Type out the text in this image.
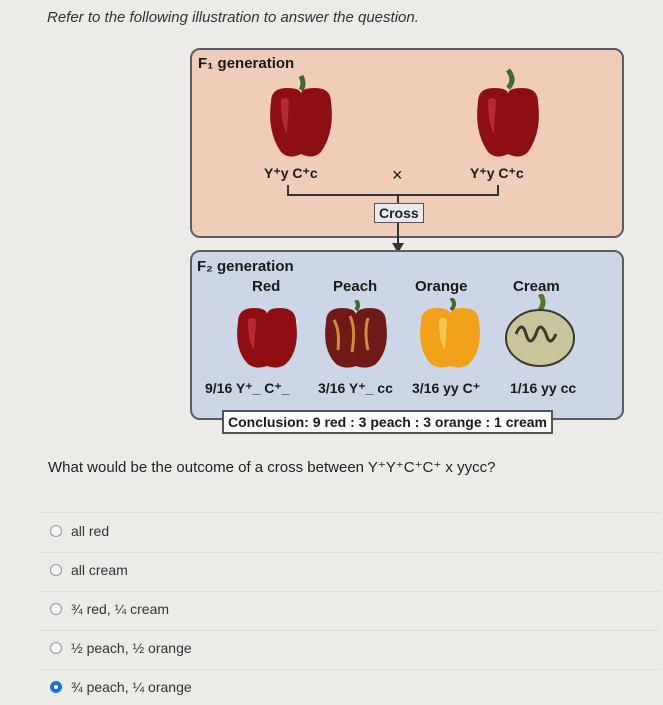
Refer to the following illustration to answer the question.
F₁ generation
Y⁺y C⁺c	×	Y⁺y C⁺c
Cross
F₂ generation
Red	Peach	Orange	Cream
9/16 Y⁺_ C⁺_ 3/16 Y⁺_ cc 3/16 yy C⁺ 1/16 yy cc
Conclusion: 9 red : 3 peach : 3 orange : 1 cream
What would be the outcome of a cross between Y⁺Y⁺C⁺C⁺ x yycc?
all red
all cream
¾ red, ¼ cream
½ peach, ½ orange
¾ peach, ¼ orange
